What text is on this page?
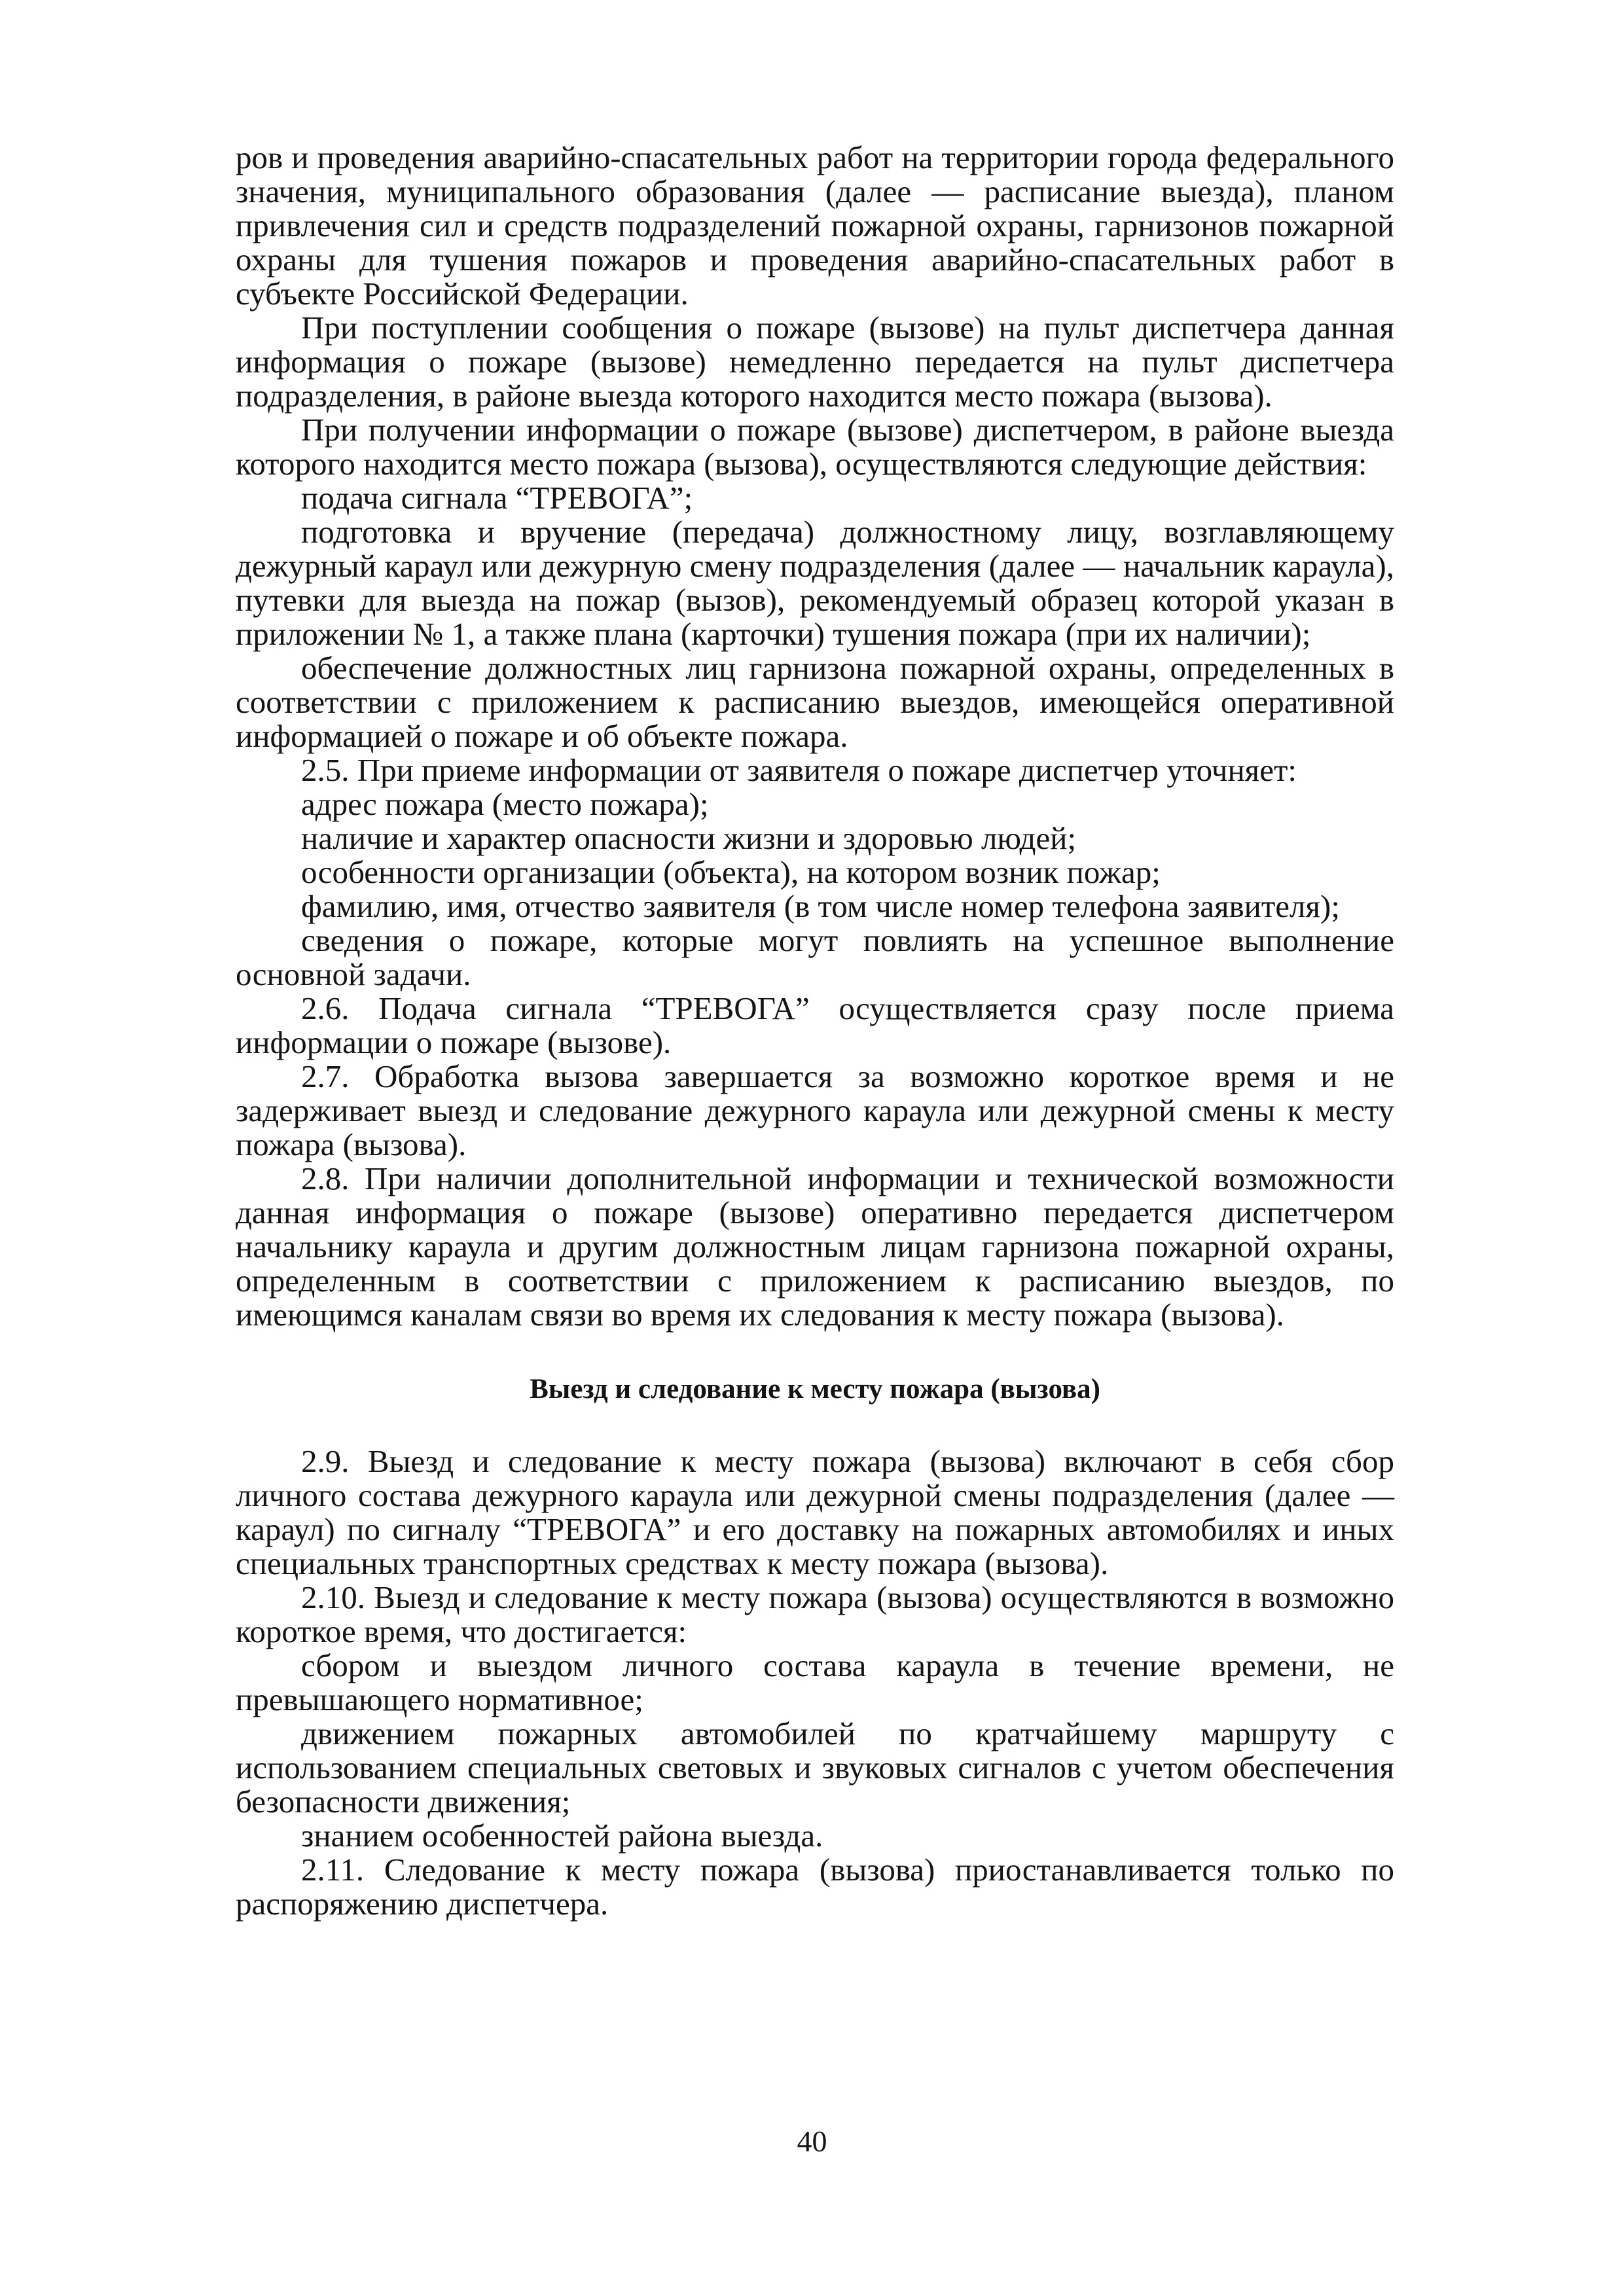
ров и проведения аварийно-спасательных работ на территории города федерального значения, муниципального образования (далее — расписание выезда), планом привлечения сил и средств подразделений пожарной охраны, гарнизонов пожарной охраны для тушения пожаров и проведения аварийно-спасательных работ в субъекте Российской Федерации.

При поступлении сообщения о пожаре (вызове) на пульт диспетчера данная информация о пожаре (вызове) немедленно передается на пульт диспетчера подразделения, в районе выезда которого находится место пожара (вызова).

При получении информации о пожаре (вызове) диспетчером, в районе выезда которого находится место пожара (вызова), осуществляются следующие действия:

подача сигнала “ТРЕВОГА”;

подготовка и вручение (передача) должностному лицу, возглавляющему дежурный караул или дежурную смену подразделения (далее — начальник караула), путевки для выезда на пожар (вызов), рекомендуемый образец которой указан в приложении № 1, а также плана (карточки) тушения пожара (при их наличии);

обеспечение должностных лиц гарнизона пожарной охраны, определенных в соответствии с приложением к расписанию выездов, имеющейся оперативной информацией о пожаре и об объекте пожара.

2.5. При приеме информации от заявителя о пожаре диспетчер уточняет:

адрес пожара (место пожара);

наличие и характер опасности жизни и здоровью людей;

особенности организации (объекта), на котором возник пожар;

фамилию, имя, отчество заявителя (в том числе номер телефона заявителя);

сведения о пожаре, которые могут повлиять на успешное выполнение основной задачи.

2.6. Подача сигнала “ТРЕВОГА” осуществляется сразу после приема информации о пожаре (вызове).

2.7. Обработка вызова завершается за возможно короткое время и не задерживает выезд и следование дежурного караула или дежурной смены к месту пожара (вызова).

2.8. При наличии дополнительной информации и технической возможности данная информация о пожаре (вызове) оперативно передается диспетчером начальнику караула и другим должностным лицам гарнизона пожарной охраны, определенным в соответствии с приложением к расписанию выездов, по имеющимся каналам связи во время их следования к месту пожара (вызова).

Выезд и следование к месту пожара (вызова)

2.9. Выезд и следование к месту пожара (вызова) включают в себя сбор личного состава дежурного караула или дежурной смены подразделения (далее — караул) по сигналу “ТРЕВОГА” и его доставку на пожарных автомобилях и иных специальных транспортных средствах к месту пожара (вызова).

2.10. Выезд и следование к месту пожара (вызова) осуществляются в возможно короткое время, что достигается:

сбором и выездом личного состава караула в течение времени, не превышающего нормативное;

движением пожарных автомобилей по кратчайшему маршруту с использованием специальных световых и звуковых сигналов с учетом обеспечения безопасности движения;

знанием особенностей района выезда.

2.11. Следование к месту пожара (вызова) приостанавливается только по распоряжению диспетчера.

40
